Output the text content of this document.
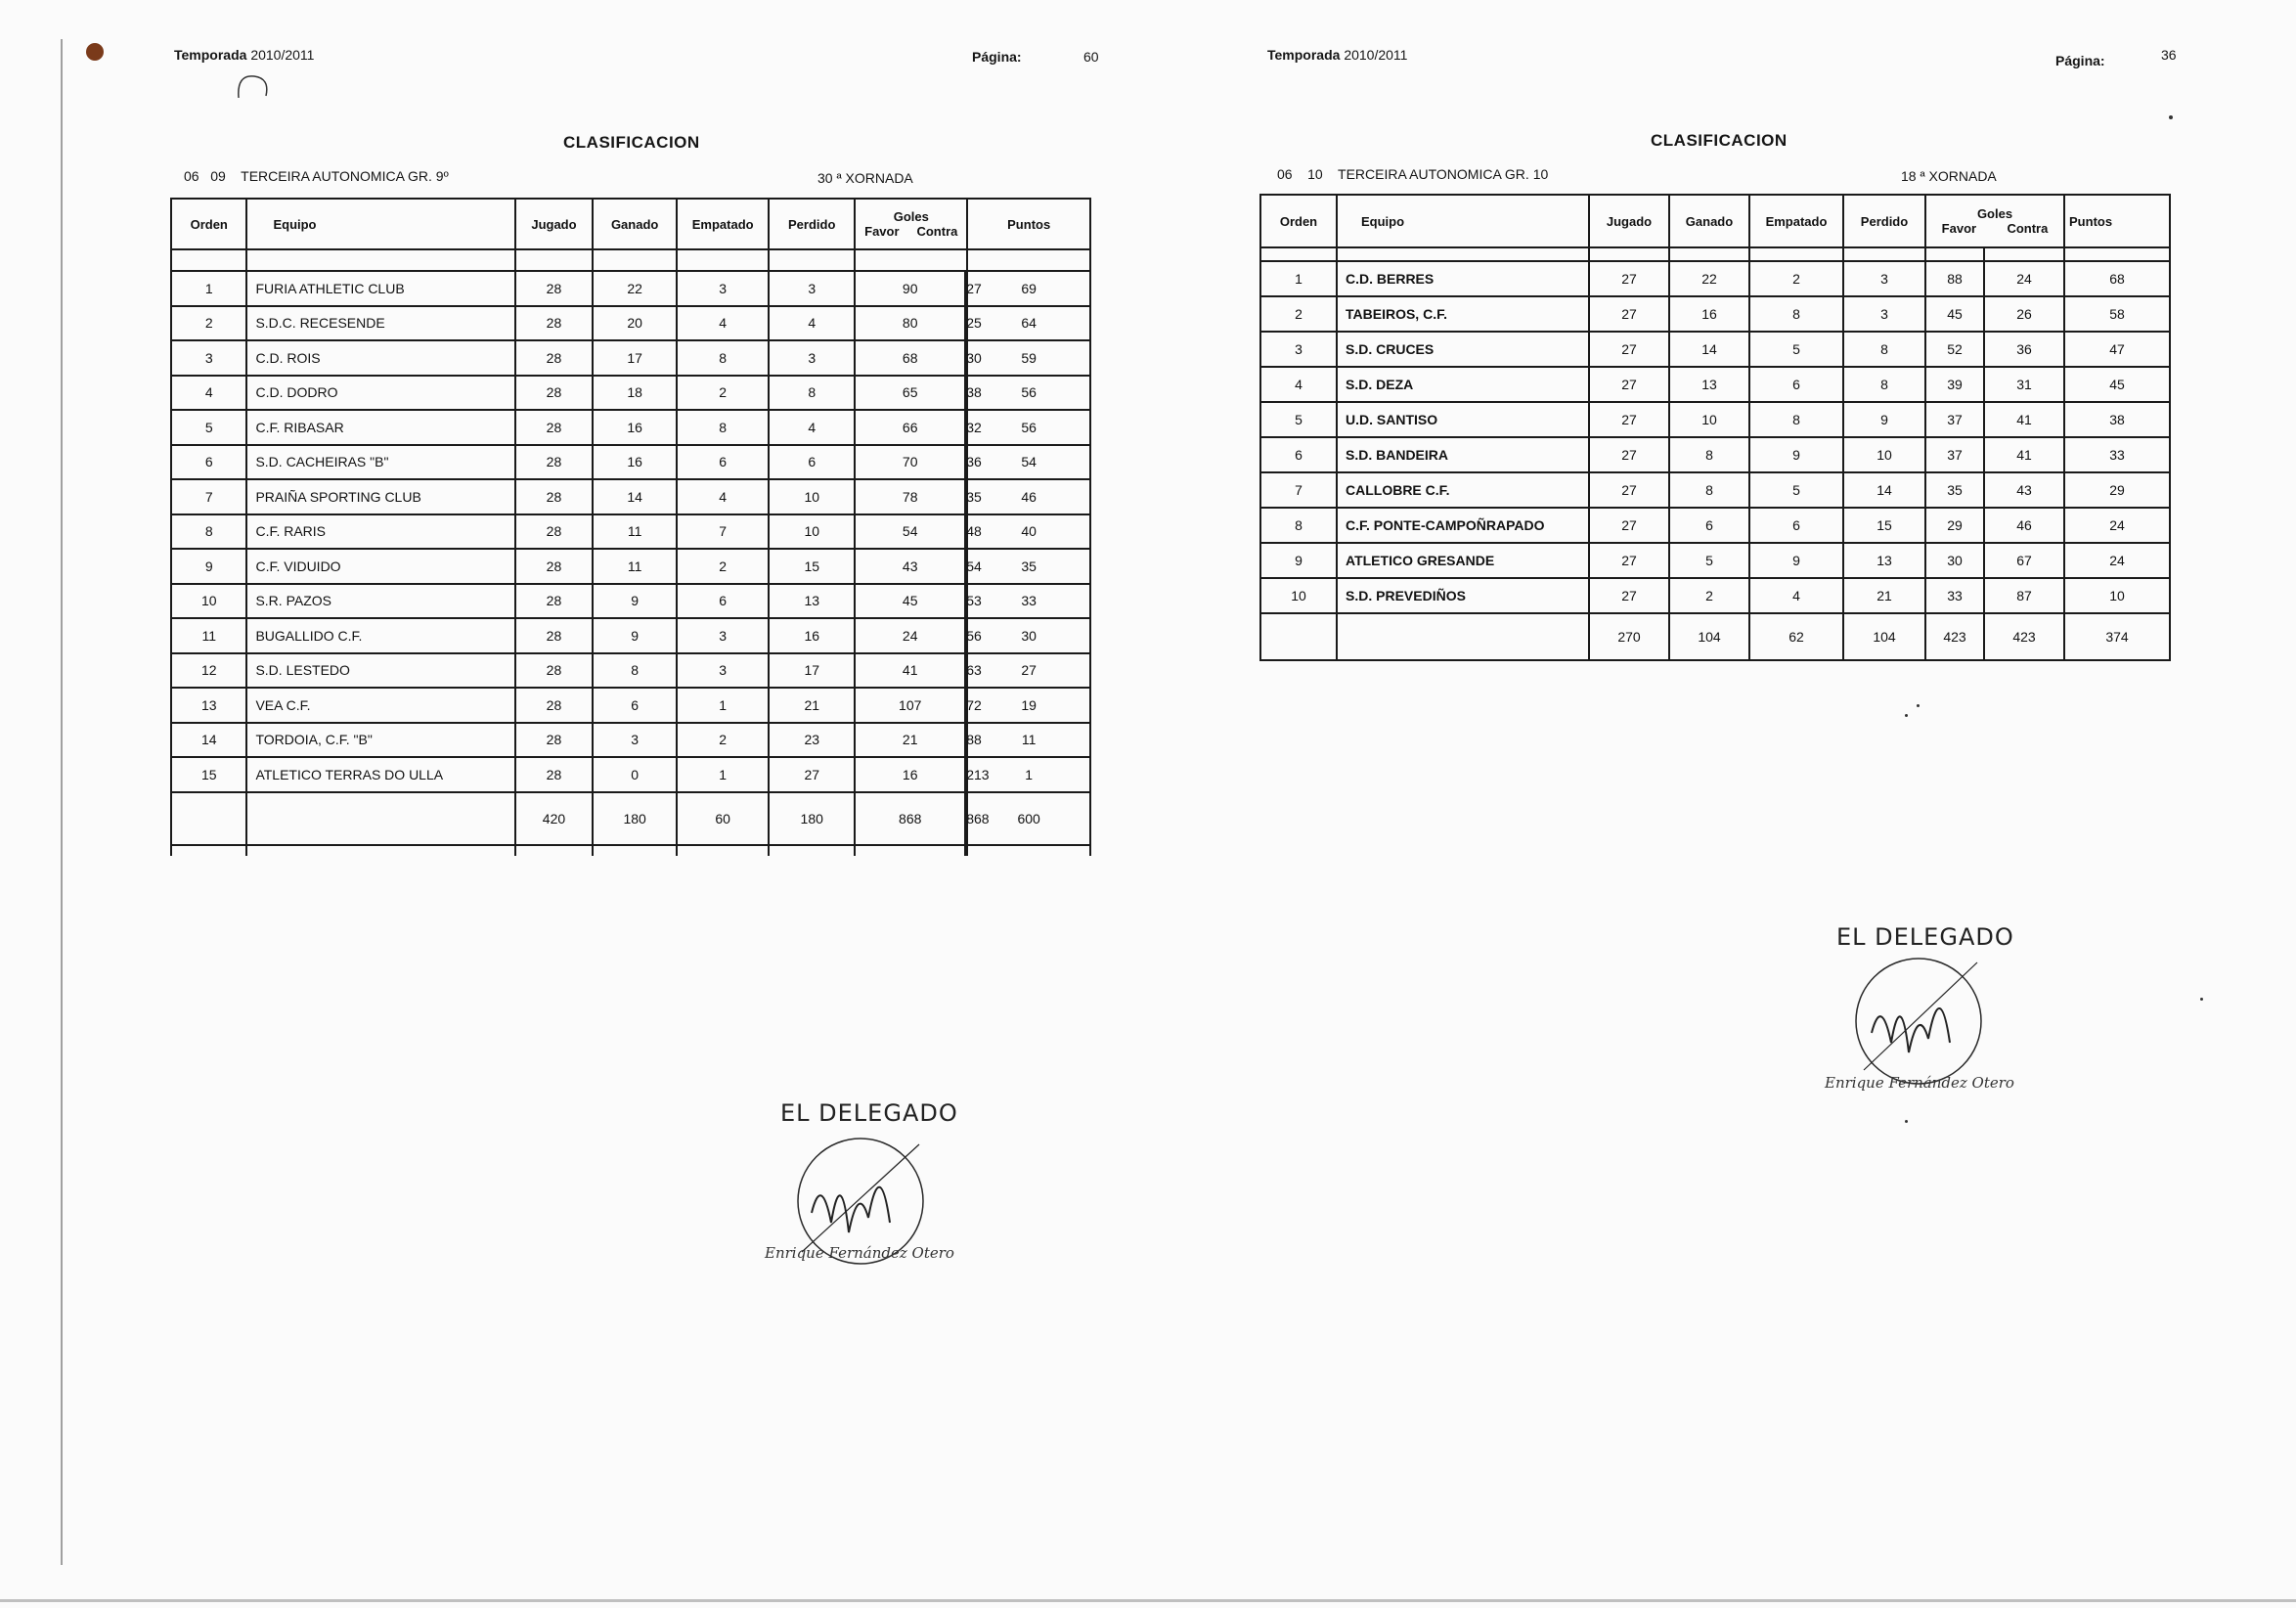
Temporada 2010/2011	Página:	60
CLASIFICACION
06 09 TERCEIRA AUTONOMICA GR. 9º	30 ª XORNADA
Orden	Equipo	Jugado	Ganado	Empatado	Perdido	Goles
Favor Contra		Puntos

1	FURIA ATHLETIC CLUB	28	22	3	3	90	27	69
2	S.D.C. RECESENDE	28	20	4	4	80	25	64
3	C.D. ROIS	28	17	8	3	68	30	59
4	C.D. DODRO	28	18	2	8	65	38	56
5	C.F. RIBASAR	28	16	8	4	66	32	56
6	S.D. CACHEIRAS "B"	28	16	6	6	70	36	54
7	PRAIÑA SPORTING CLUB	28	14	4	10	78	35	46
8	C.F. RARIS	28	11	7	10	54	48	40
9	C.F. VIDUIDO	28	11	2	15	43	54	35
10	S.R. PAZOS	28	9	6	13	45	53	33
11	BUGALLIDO C.F.	28	9	3	16	24	56	30
12	S.D. LESTEDO	28	8	3	17	41	63	27
13	VEA C.F.	28	6	1	21	107	72	19
14	TORDOIA, C.F. "B"	28	3	2	23	21	88	11
15	ATLETICO TERRAS DO ULLA	28	0	1	27	16	213	1
		420	180	60	180	868	868	600

EL DELEGADO
Enrique Fernández Otero
Temporada 2010/2011	Página:	36
CLASIFICACION
06 10 TERCEIRA AUTONOMICA GR. 10	18 ª XORNADA
Orden	Equipo	Jugado	Ganado	Empatado	Perdido	Goles
Favor Contra		Puntos

1	C.D. BERRES	27	22	2	3	88	24	68
2	TABEIROS, C.F.	27	16	8	3	45	26	58
3	S.D. CRUCES	27	14	5	8	52	36	47
4	S.D. DEZA	27	13	6	8	39	31	45
5	U.D. SANTISO	27	10	8	9	37	41	38
6	S.D. BANDEIRA	27	8	9	10	37	41	33
7	CALLOBRE C.F.	27	8	5	14	35	43	29
8	C.F. PONTE-CAMPOÑRAPADO	27	6	6	15	29	46	24
9	ATLETICO GRESANDE	27	5	9	13	30	67	24
10	S.D. PREVEDIÑOS	27	2	4	21	33	87	10
		270	104	62	104	423	423	374
EL DELEGADO
Enrique Fernández Otero
